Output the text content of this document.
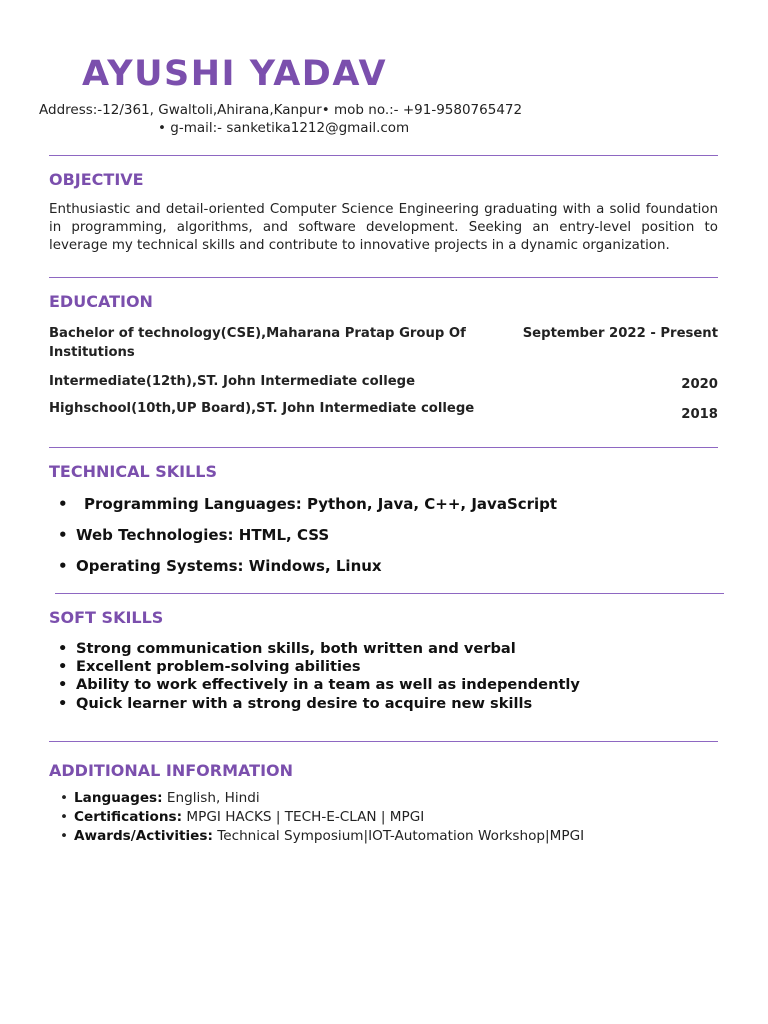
AYUSHI YADAV
Address:-12/361, Gwaltoli,Ahirana,Kanpur• mob no.:- +91-9580765472
• g-mail:- sanketika1212@gmail.com
OBJECTIVE
Enthusiastic and detail-oriented Computer Science Engineering graduating with a solid foundation in programming, algorithms, and software development. Seeking an entry-level position to leverage my technical skills and contribute to innovative projects in a dynamic organization.
EDUCATION
Bachelor of technology(CSE),Maharana Pratap Group Of
Institutions
September 2022 - Present
Intermediate(12th),ST. John Intermediate college	2020
Highschool(10th,UP Board),ST. John Intermediate college	2018
TECHNICAL SKILLS
• Programming Languages: Python, Java, C++, JavaScript
• Web Technologies: HTML, CSS
• Operating Systems: Windows, Linux
SOFT SKILLS
• Strong communication skills, both written and verbal
• Excellent problem-solving abilities
• Ability to work effectively in a team as well as independently
• Quick learner with a strong desire to acquire new skills
ADDITIONAL INFORMATION
• Languages: English, Hindi
• Certifications: MPGI HACKS | TECH-E-CLAN | MPGI
• Awards/Activities: Technical Symposium|IOT-Automation Workshop|MPGI
